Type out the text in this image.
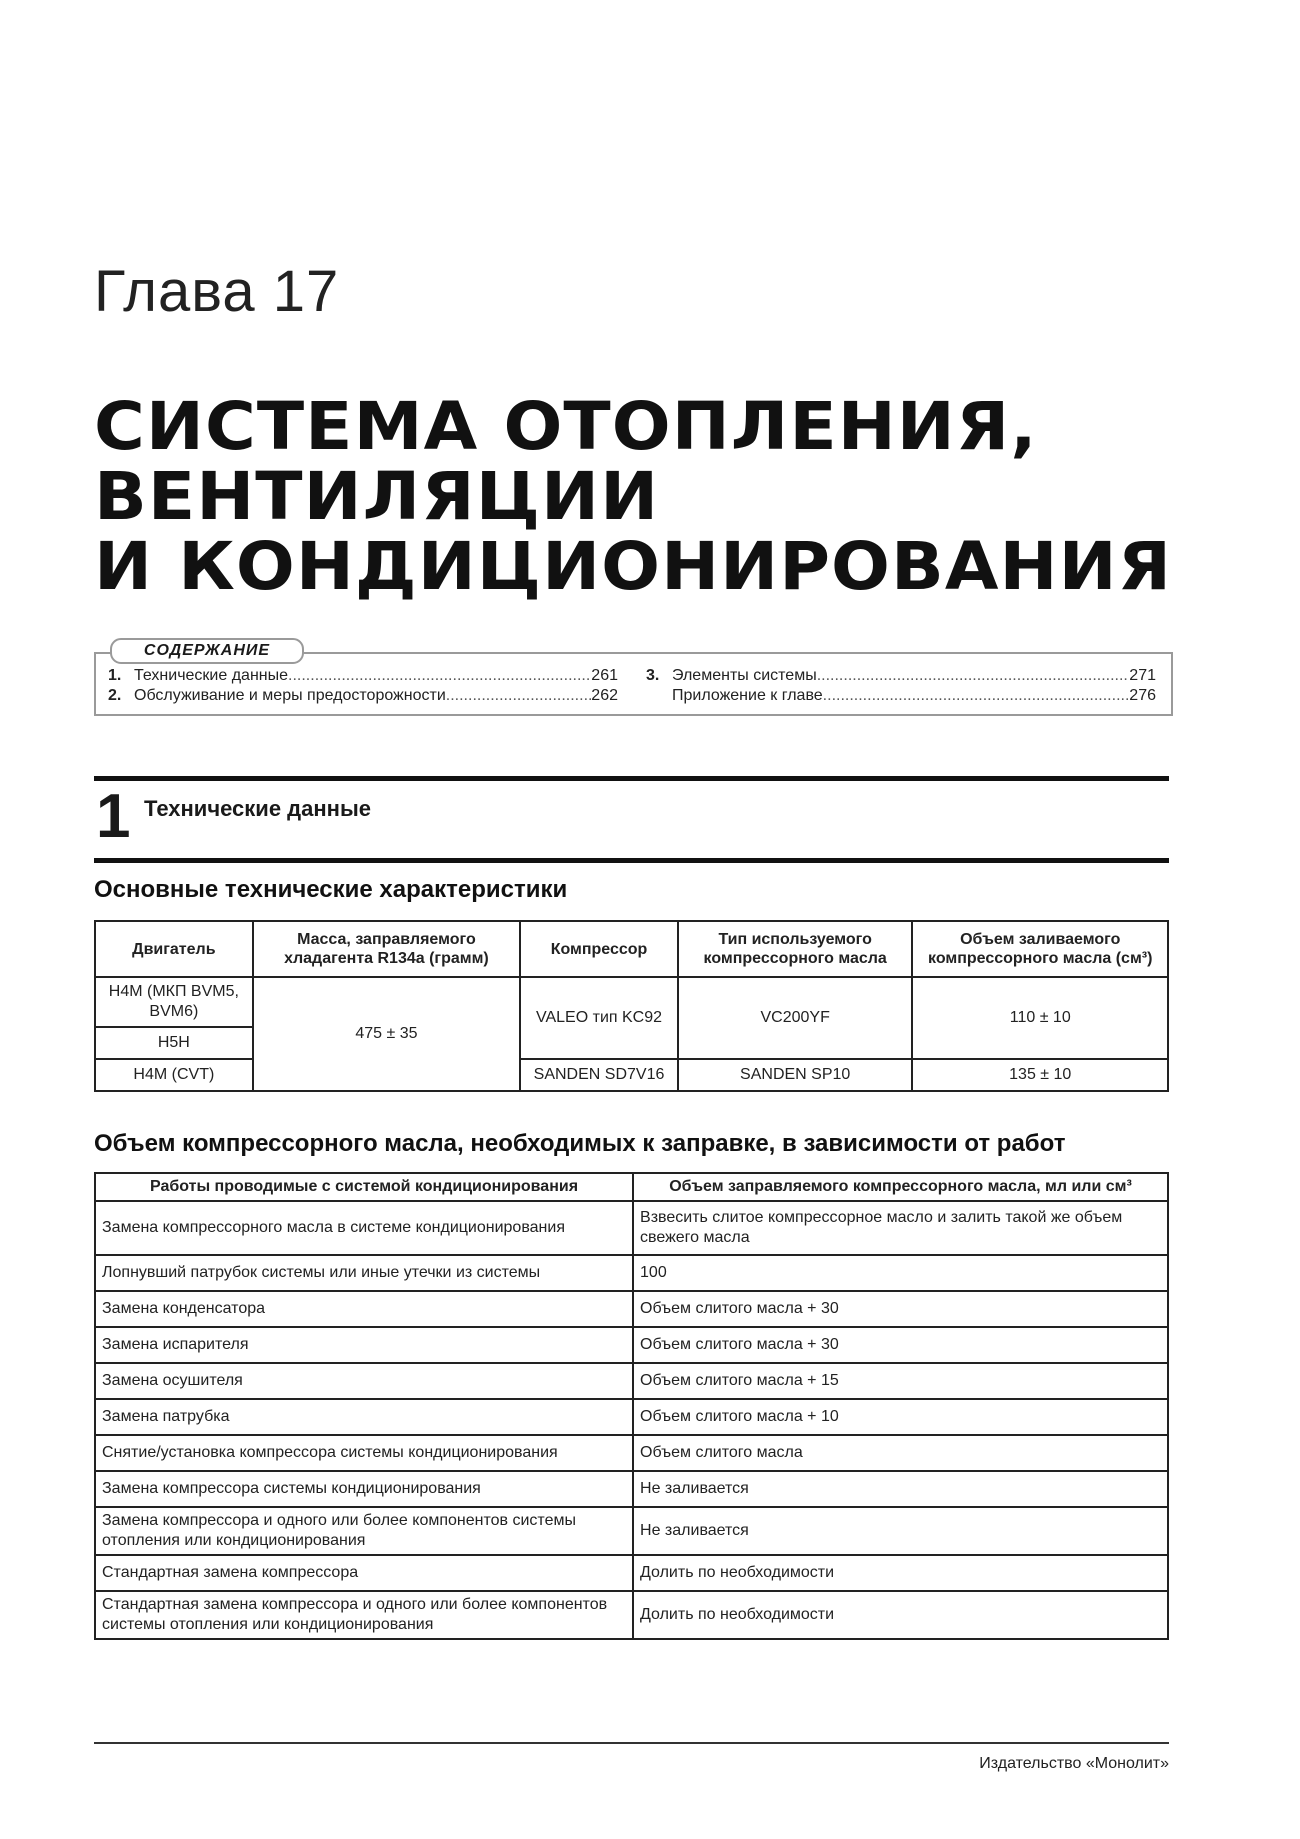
Глава 17
СИСТЕМА ОТОПЛЕНИЯ,
ВЕНТИЛЯЦИИ
И КОНДИЦИОНИРОВАНИЯ
СОДЕРЖАНИЕ
1. Технические данные .....	261
2. Обслуживание и меры предосторожности .....	262
3. Элементы системы .....	271
Приложение к главе .....	276
1 Технические данные
Основные технические характеристики
Двигатель	Масса, заправляемого хладагента R134a (грамм)	Компрессор	Тип используемого компрессорного масла	Объем заливаемого компрессорного масла (см³)
H4M (МКП BVM5, BVM6)	475 ± 35	VALEO тип KC92	VC200YF	110 ± 10
H5H				
H4M (CVT)		SANDEN SD7V16	SANDEN SP10	135 ± 10
Объем компрессорного масла, необходимых к заправке, в зависимости от работ
Работы проводимые с системой кондиционирования	Объем заправляемого компрессорного масла, мл или см³
Замена компрессорного масла в системе кондиционирования	Взвесить слитое компрессорное масло и залить такой же объем свежего масла
Лопнувший патрубок системы или иные утечки из системы	100
Замена конденсатора	Объем слитого масла + 30
Замена испарителя	Объем слитого масла + 30
Замена осушителя	Объем слитого масла + 15
Замена патрубка	Объем слитого масла + 10
Снятие/установка компрессора системы кондиционирования	Объем слитого масла
Замена компрессора системы кондиционирования	Не заливается
Замена компрессора и одного или более компонентов системы отопления или кондиционирования	Не заливается
Стандартная замена компрессора	Долить по необходимости
Стандартная замена компрессора и одного или более компонентов системы отопления или кондиционирования	Долить по необходимости
Издательство «Монолит»
